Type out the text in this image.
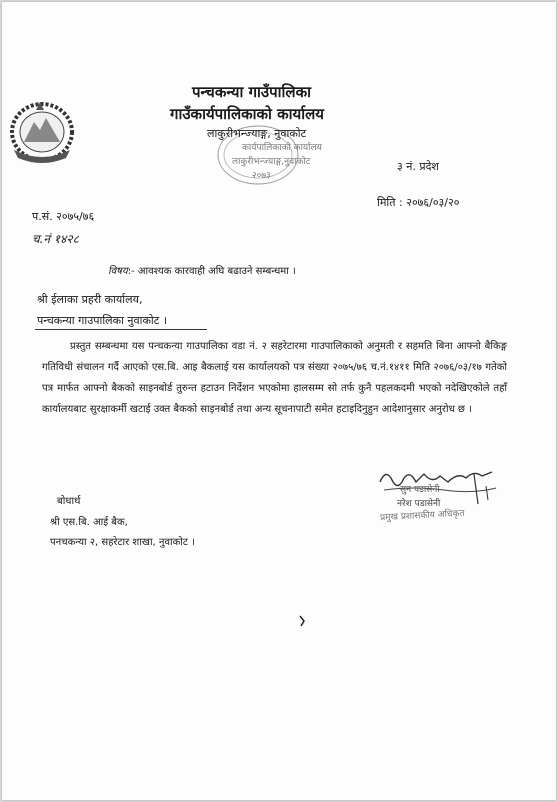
पन्चकन्या गाउँपालिका
गाउँकार्यपालिकाको कार्यालय
कार्यपालिकाको कार्यालय
लाकुरीभन्ज्याङ्ग,नुवाकोट
२०७३
लाकुरीभन्ज्याङ्ग, नुवाकोट
३ नं. प्रदेश
मिति : २०७६/०३/२०
प.सं. २०७५/७६
च.नं १४२८
विषय:- आवश्यक कारवाही अघि बढाउने सम्बन्धमा ।
श्री ईलाका प्रहरी कार्यालय,
पन्चकन्या गाउपालिका नुवाकोट ।
प्रस्तुत सम्बन्धमा यस पन्चकन्या गाउपालिका वडा नं. २ सहरेटारमा गाउपालिकाको अनुमती र सहमति बिना आफ्नो बैकिङ्ग गतिविधी संचालन गर्दै आएको एस.बि. आइ बैकलाई यस कार्यालयको पत्र संख्या २०७५/७६ च.नं.१४११ मिति २०७६/०३/१७ गतेको पत्र मार्फत आफ्नो बैकको साइनबोर्ड तुरुन्त हटाउन निर्देशन भएकोमा हालसम्म सो तर्फ कुनै पहलकदमी भएको नदेखिएकोले तहाँ कार्यालयबाट सुरक्षाकर्मी खटाई उक्त बैकको साइनबोर्ड तथा अन्य सूचनापाटी समेत हटाइदिनुहुन आदेशानुसार अनुरोध छ ।
सुन पडासेनी
नरेश पडासेनी
प्रमुख प्रशासकीय अधिकृत
बोधार्थ
श्री एस.बि. आई बैक,
पनचकन्या २, सहरेटार शाखा, नुवाकोट ।
